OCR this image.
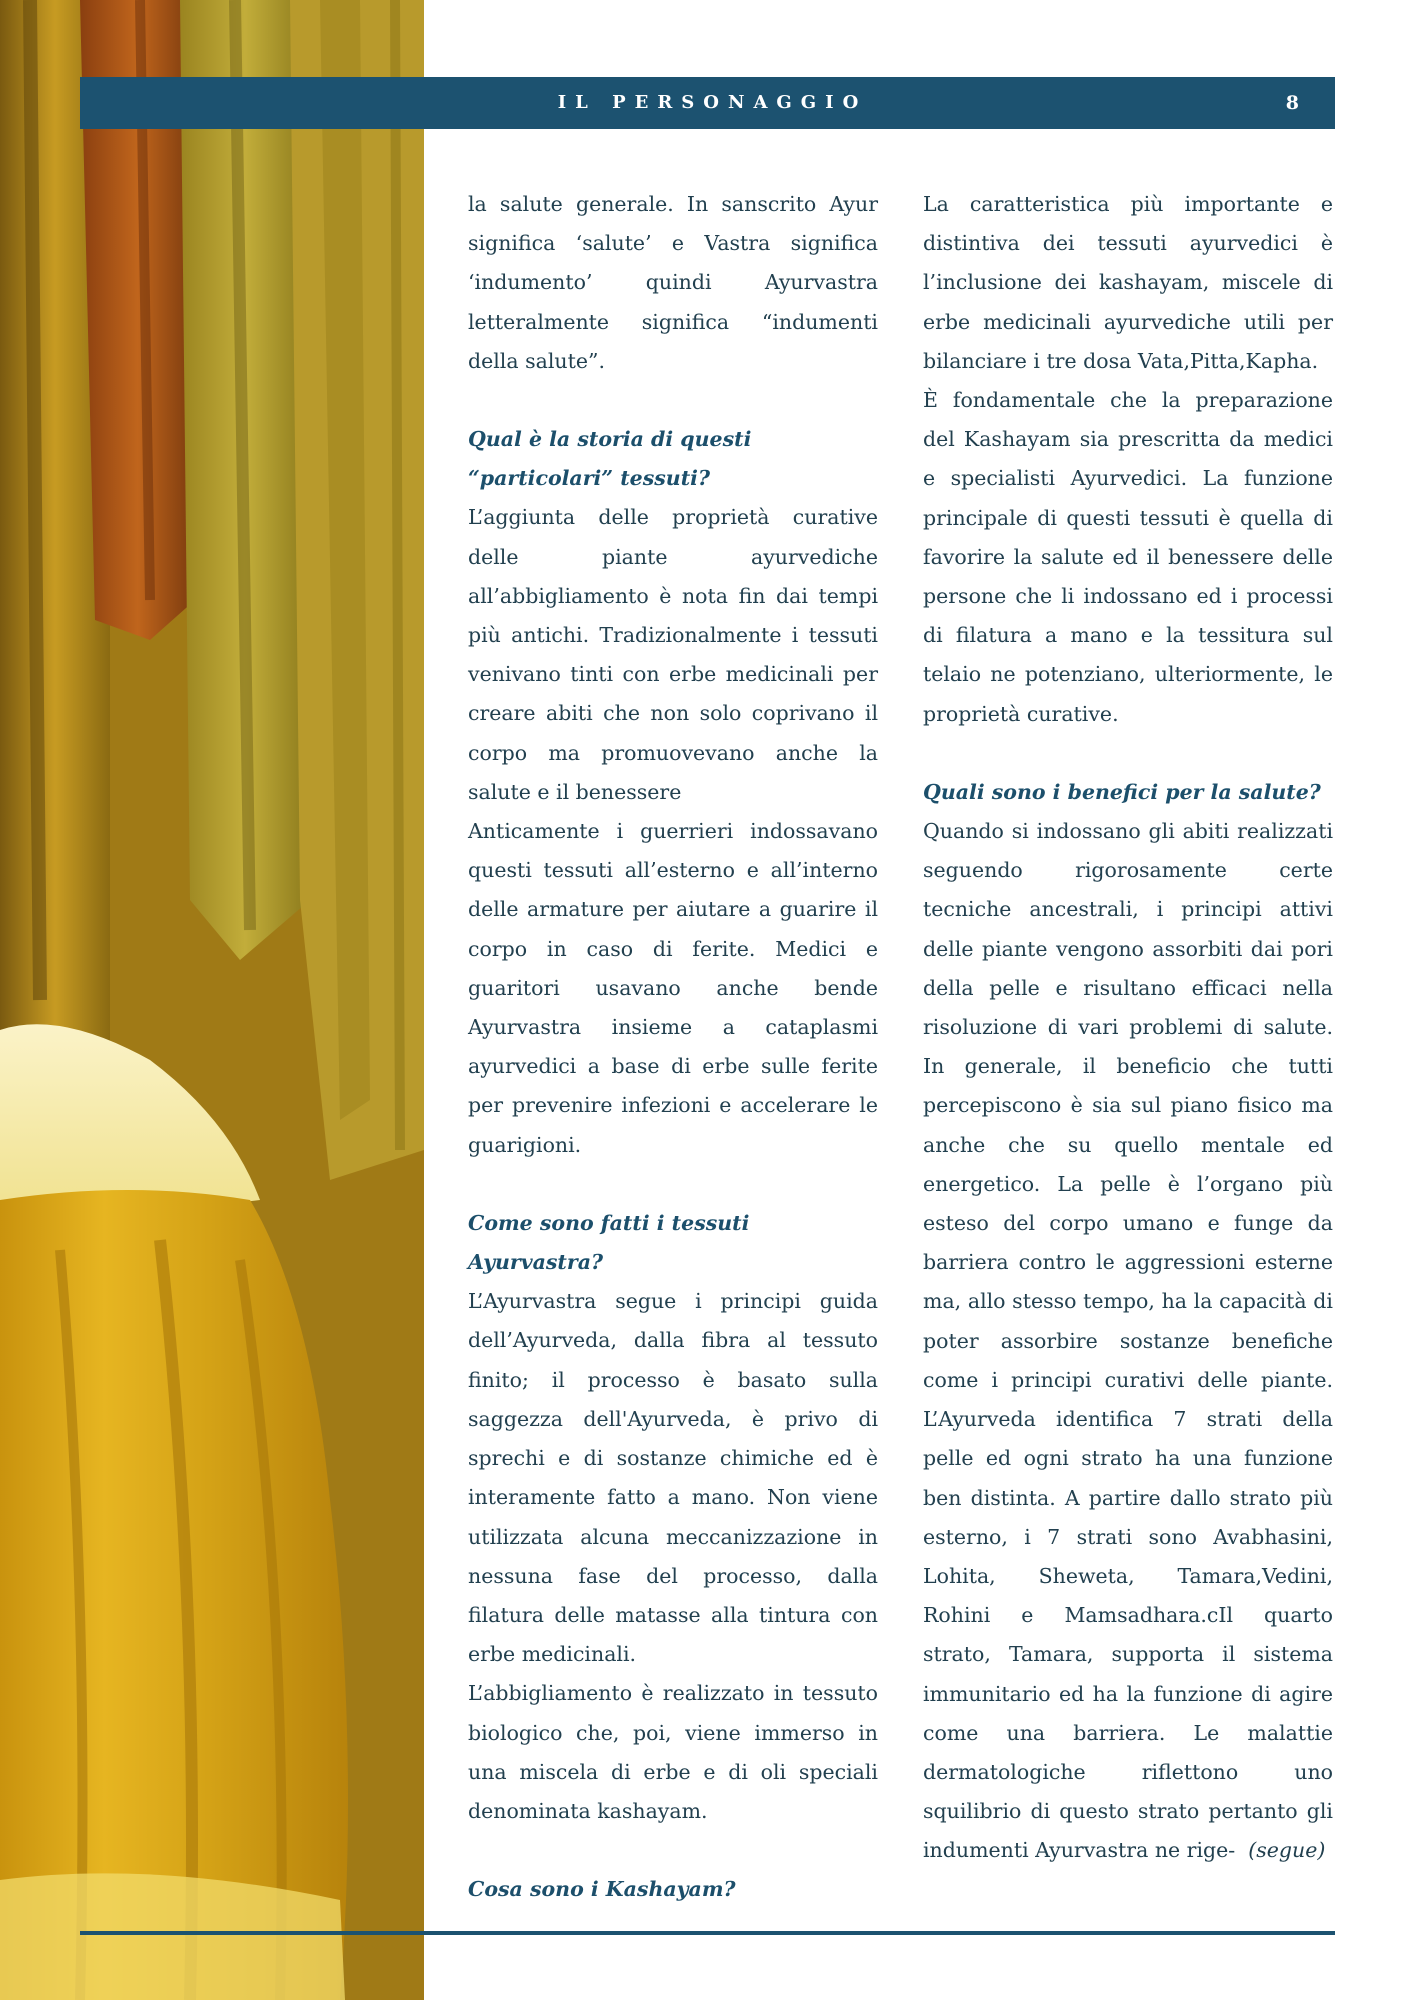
IL PERSONAGGIO	8

la salute generale. In sanscrito Ayur significa ‘salute’ e Vastra significa ‘indumento’ quindi Ayurvastra letteralmente significa “indumenti della salute”.

Qual è la storia di questi “particolari” tessuti?

L’aggiunta delle proprietà curative delle piante ayurvediche all’abbigliamento è nota fin dai tempi più antichi. Tradizionalmente i tessuti venivano tinti con erbe medicinali per creare abiti che non solo coprivano il corpo ma promuovevano anche la salute e il benessere

Anticamente i guerrieri indossavano questi tessuti all’esterno e all’interno delle armature per aiutare a guarire il corpo in caso di ferite. Medici e guaritori usavano anche bende Ayurvastra insieme a cataplasmi ayurvedici a base di erbe sulle ferite per prevenire infezioni e accelerare le guarigioni.

Come sono fatti i tessuti Ayurvastra?

L’Ayurvastra segue i principi guida dell’Ayurveda, dalla fibra al tessuto finito; il processo è basato sulla saggezza dell'Ayurveda, è privo di sprechi e di sostanze chimiche ed è interamente fatto a mano. Non viene utilizzata alcuna meccanizzazione in nessuna fase del processo, dalla filatura delle matasse alla tintura con erbe medicinali.

L’abbigliamento è realizzato in tessuto biologico che, poi, viene immerso in una miscela di erbe e di oli speciali denominata kashayam.

Cosa sono i Kashayam?

La caratteristica più importante e distintiva dei tessuti ayurvedici è l’inclusione dei kashayam, miscele di erbe medicinali ayurvediche utili per bilanciare i tre dosa Vata,Pitta,Kapha.

È fondamentale che la preparazione del Kashayam sia prescritta da medici e specialisti Ayurvedici. La funzione principale di questi tessuti è quella di favorire la salute ed il benessere delle persone che li indossano ed i processi di filatura a mano e la tessitura sul telaio ne potenziano, ulteriormente, le proprietà curative.

Quali sono i benefici per la salute?

Quando si indossano gli abiti realizzati seguendo rigorosamente certe tecniche ancestrali, i principi attivi delle piante vengono assorbiti dai pori della pelle e risultano efficaci nella risoluzione di vari problemi di salute. In generale, il beneficio che tutti percepiscono è sia sul piano fisico ma anche che su quello mentale ed energetico. La pelle è l’organo più esteso del corpo umano e funge da barriera contro le aggressioni esterne ma, allo stesso tempo, ha la capacità di poter assorbire sostanze benefiche come i principi curativi delle piante. L’Ayurveda identifica 7 strati della pelle ed ogni strato ha una funzione ben distinta. A partire dallo strato più esterno, i 7 strati sono Avabhasini, Lohita, Sheweta, Tamara,Vedini, Rohini e Mamsadhara.cIl quarto strato, Tamara, supporta il sistema immunitario ed ha la funzione di agire come una barriera. Le malattie dermatologiche riflettono uno squilibrio di questo strato pertanto gli indumenti Ayurvastra ne rige- (segue)
